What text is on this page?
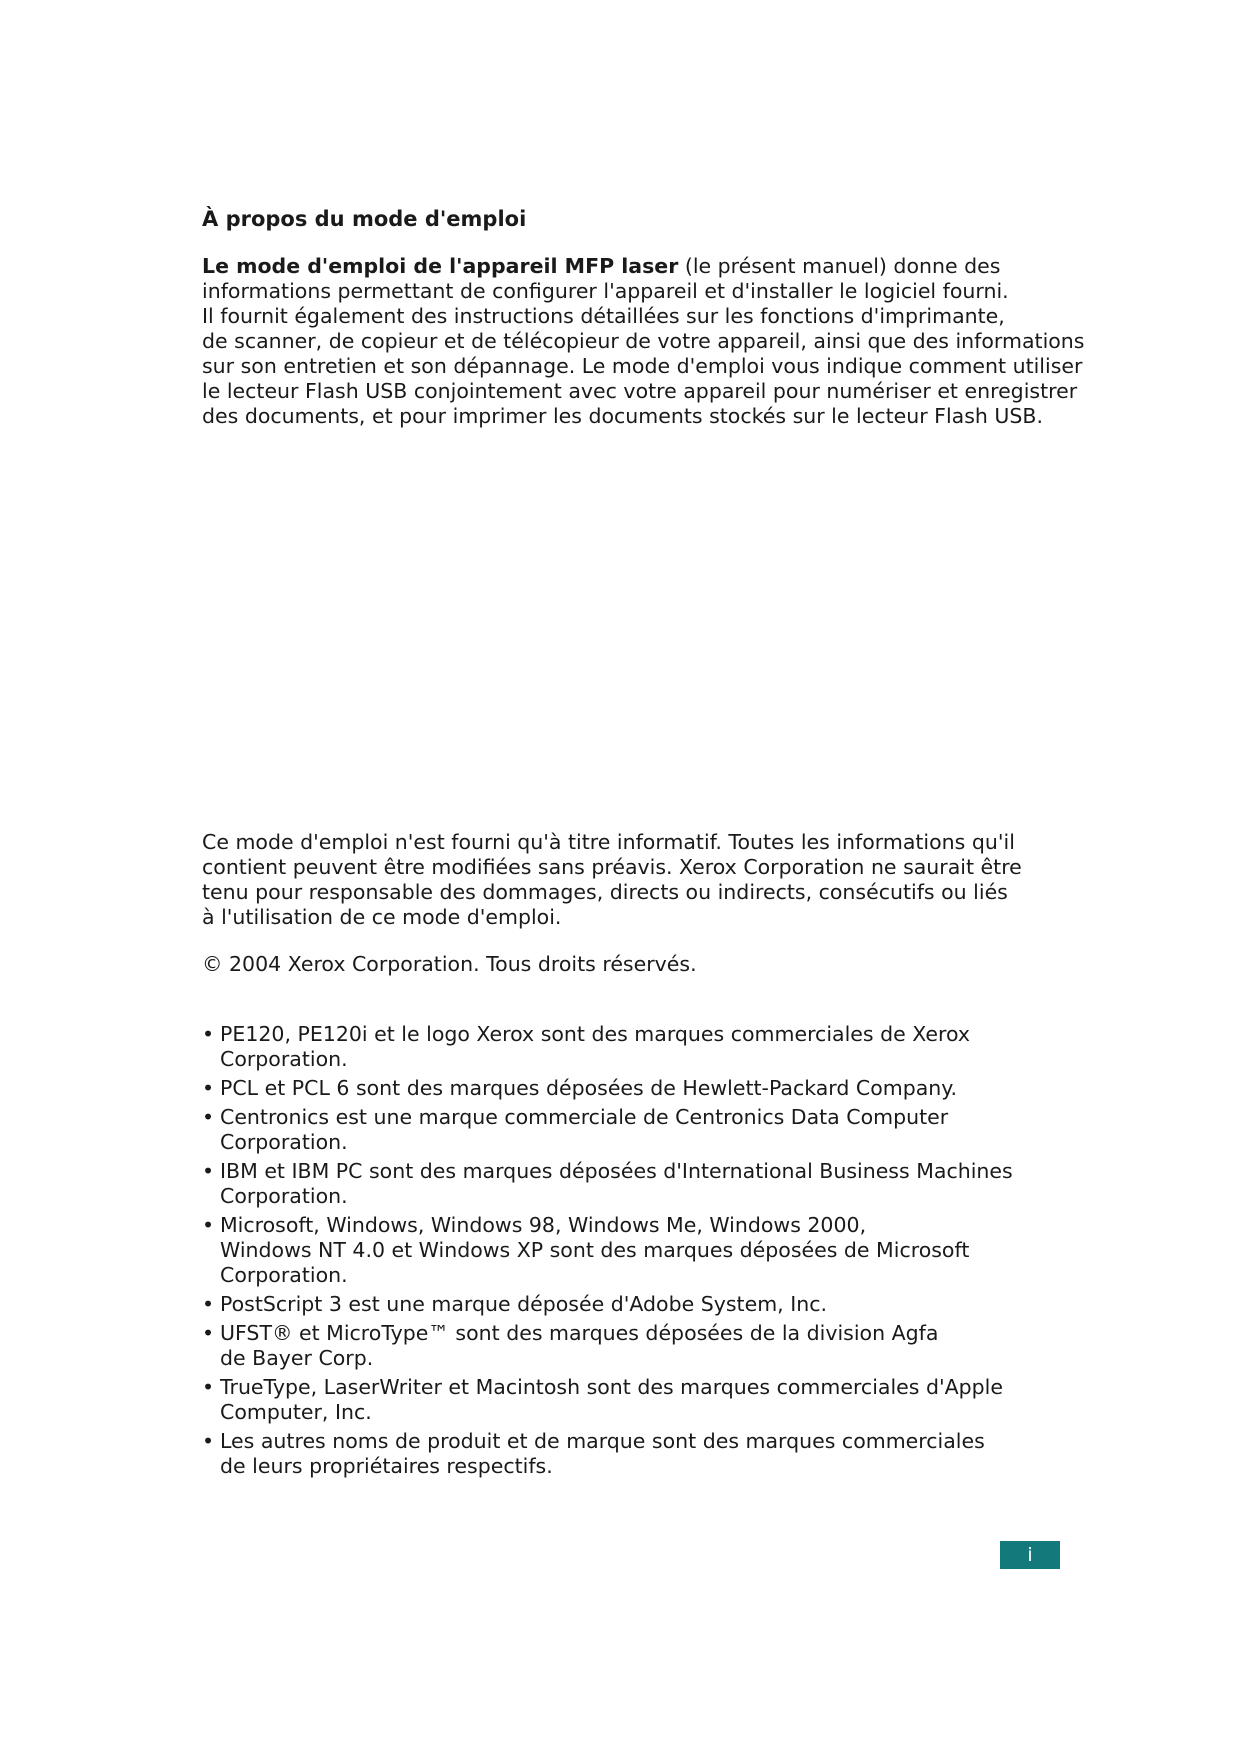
À propos du mode d'emploi
Le mode d'emploi de l'appareil MFP laser (le présent manuel) donne des
informations permettant de configurer l'appareil et d'installer le logiciel fourni.
Il fournit également des instructions détaillées sur les fonctions d'imprimante,
de scanner, de copieur et de télécopieur de votre appareil, ainsi que des informations
sur son entretien et son dépannage. Le mode d'emploi vous indique comment utiliser
le lecteur Flash USB conjointement avec votre appareil pour numériser et enregistrer
des documents, et pour imprimer les documents stockés sur le lecteur Flash USB.
Ce mode d'emploi n'est fourni qu'à titre informatif. Toutes les informations qu'il
contient peuvent être modifiées sans préavis. Xerox Corporation ne saurait être
tenu pour responsable des dommages, directs ou indirects, consécutifs ou liés
à l'utilisation de ce mode d'emploi.

© 2004 Xerox Corporation. Tous droits réservés.

• PE120, PE120i et le logo Xerox sont des marques commerciales de Xerox
Corporation.
• PCL et PCL 6 sont des marques déposées de Hewlett-Packard Company.
• Centronics est une marque commerciale de Centronics Data Computer
Corporation.
• IBM et IBM PC sont des marques déposées d'International Business Machines
Corporation.
• Microsoft, Windows, Windows 98, Windows Me, Windows 2000,
Windows NT 4.0 et Windows XP sont des marques déposées de Microsoft
Corporation.
• PostScript 3 est une marque déposée d'Adobe System, Inc.
• UFST® et MicroType™ sont des marques déposées de la division Agfa
de Bayer Corp.
• TrueType, LaserWriter et Macintosh sont des marques commerciales d'Apple
Computer, Inc.
• Les autres noms de produit et de marque sont des marques commerciales
de leurs propriétaires respectifs.
i
